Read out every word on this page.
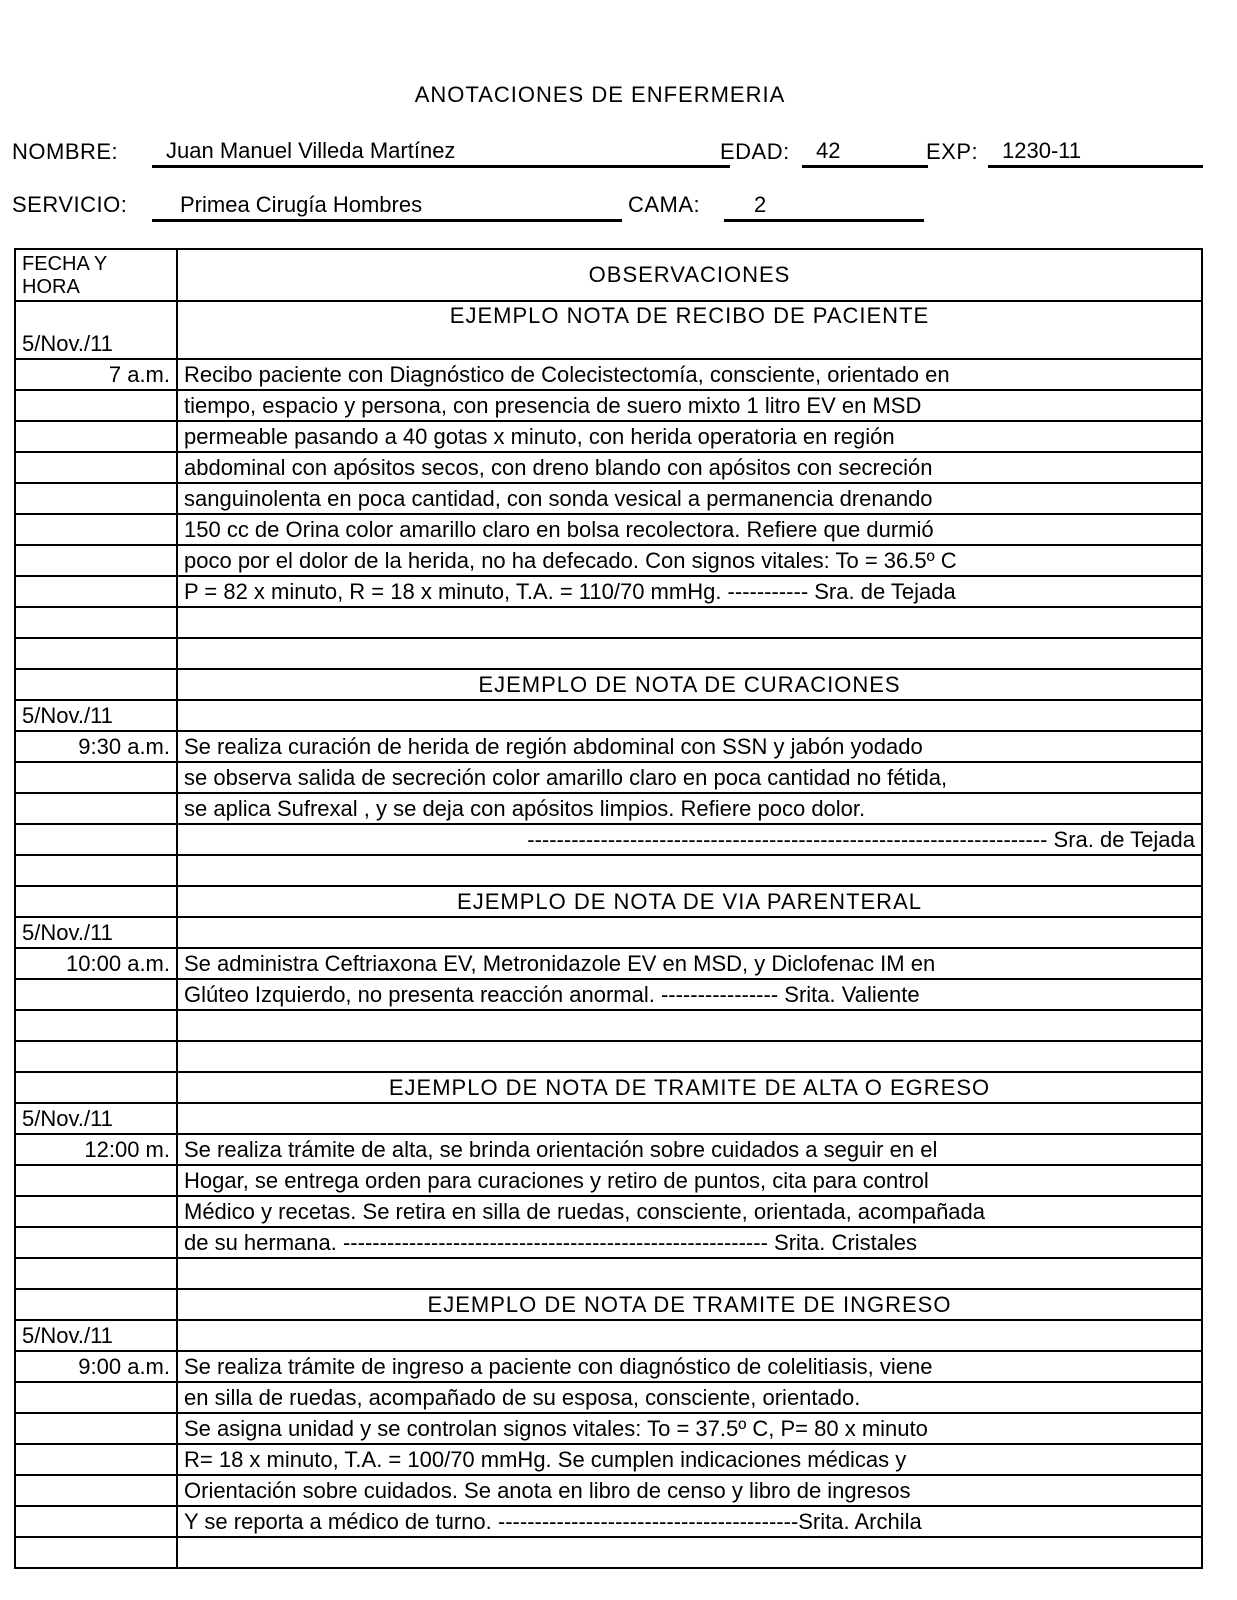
ANOTACIONES DE ENFERMERIA
NOMBRE:	Juan Manuel Villeda Martínez	EDAD:	42	EXP:	1230-11
SERVICIO:	Primea Cirugía Hombres	CAMA:	2
FECHA Y HORA	OBSERVACIONES
5/Nov./11	EJEMPLO NOTA DE RECIBO DE PACIENTE
7 a.m.	Recibo paciente con Diagnóstico de Colecistectomía, consciente, orientado en
	tiempo, espacio y persona, con presencia de suero mixto 1 litro EV en MSD
	permeable pasando a 40 gotas x minuto, con herida operatoria en región
	abdominal con apósitos secos, con dreno blando con apósitos con secreción
	sanguinolenta en poca cantidad, con sonda vesical a permanencia drenando
	150 cc de Orina color amarillo claro en bolsa recolectora. Refiere que durmió
	poco por el dolor de la herida, no ha defecado. Con signos vitales: To = 36.5º C
	P = 82 x minuto, R = 18 x minuto, T.A. = 110/70 mmHg. ----------- Sra. de Tejada

	EJEMPLO DE NOTA DE CURACIONES
5/Nov./11	
9:30 a.m.	Se realiza curación de herida de región abdominal con SSN y jabón yodado
	se observa salida de secreción color amarillo claro en poca cantidad no fétida,
	se aplica Sufrexal , y se deja con apósitos limpios. Refiere poco dolor.
	----------------------------------------------------------------------- Sra. de Tejada

	EJEMPLO DE NOTA DE VIA PARENTERAL
5/Nov./11	
10:00 a.m.	Se administra Ceftriaxona EV, Metronidazole EV en MSD, y Diclofenac IM en
	Glúteo Izquierdo, no presenta reacción anormal. ---------------- Srita. Valiente

	EJEMPLO DE NOTA DE TRAMITE DE ALTA O EGRESO
5/Nov./11	
12:00 m.	Se realiza trámite de alta, se brinda orientación sobre cuidados a seguir en el
	Hogar, se entrega orden para curaciones y retiro de puntos, cita para control
	Médico y recetas. Se retira en silla de ruedas, consciente, orientada, acompañada
	de su hermana. ---------------------------------------------------------- Srita. Cristales

	EJEMPLO DE NOTA DE TRAMITE DE INGRESO
5/Nov./11	
9:00 a.m.	Se realiza trámite de ingreso a paciente con diagnóstico de colelitiasis, viene
	en silla de ruedas, acompañado de su esposa, consciente, orientado.
	Se asigna unidad y se controlan signos vitales: To = 37.5º C, P= 80 x minuto
	R= 18 x minuto, T.A. = 100/70 mmHg. Se cumplen indicaciones médicas y
	Orientación sobre cuidados. Se anota en libro de censo y libro de ingresos
	Y se reporta a médico de turno. -----------------------------------------Srita. Archila
